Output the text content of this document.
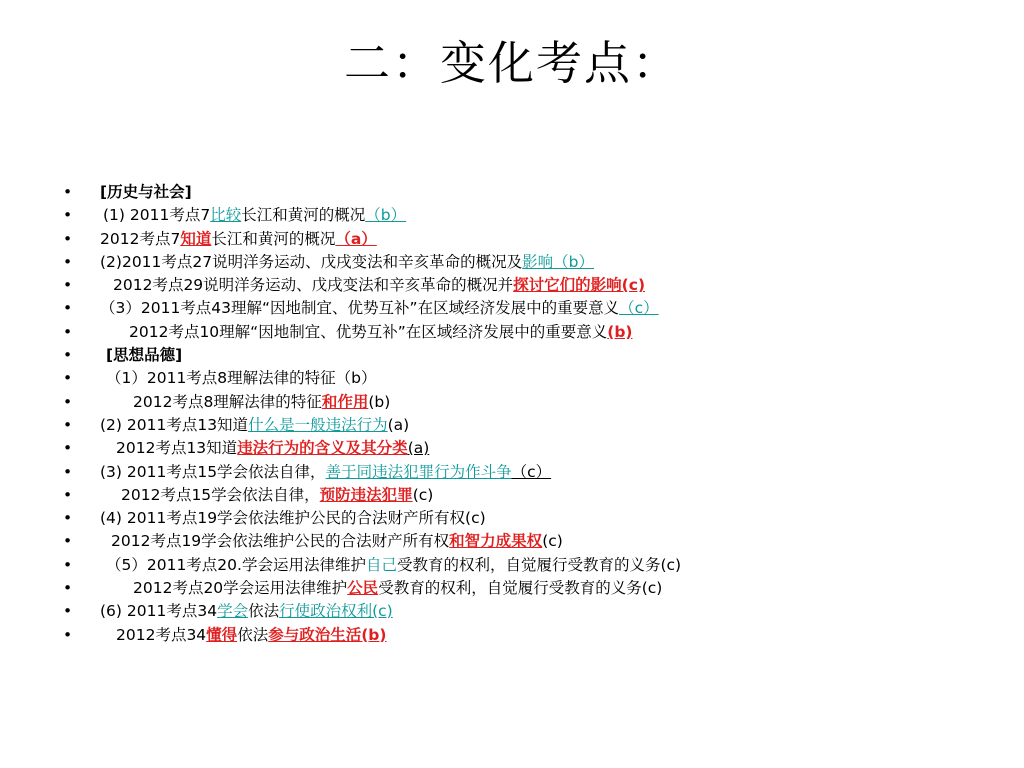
二：变化考点：
• [历史与社会]
• (1) 2011考点7比较长江和黄河的概况（b）
• 2012考点7知道长江和黄河的概况（a）
• (2)2011考点27说明洋务运动、戊戌变法和辛亥革命的概况及影响（b）
•	2012考点29说明洋务运动、戊戌变法和辛亥革命的概况并探讨它们的影响(c)
• （3）2011考点43理解“因地制宜、优势互补”在区域经济发展中的重要意义（c）
•	2012考点10理解“因地制宜、优势互补”在区域经济发展中的重要意义(b)
• [思想品德]
• （1）2011考点8理解法律的特征（b）
•	2012考点8理解法律的特征和作用(b)
• (2) 2011考点13知道什么是一般违法行为(a)
•	2012考点13知道违法行为的含义及其分类(a)
• (3) 2011考点15学会依法自律，善于同违法犯罪行为作斗争（c）
•	2012考点15学会依法自律，预防违法犯罪(c)
• (4) 2011考点19学会依法维护公民的合法财产所有权(c)
•	2012考点19学会依法维护公民的合法财产所有权和智力成果权(c)
• （5）2011考点20.学会运用法律维护自己受教育的权利，自觉履行受教育的义务(c)
•	2012考点20学会运用法律维护公民受教育的权利，自觉履行受教育的义务(c)
• (6) 2011考点34学会依法行使政治权利(c)
•	2012考点34懂得依法参与政治生活(b)
